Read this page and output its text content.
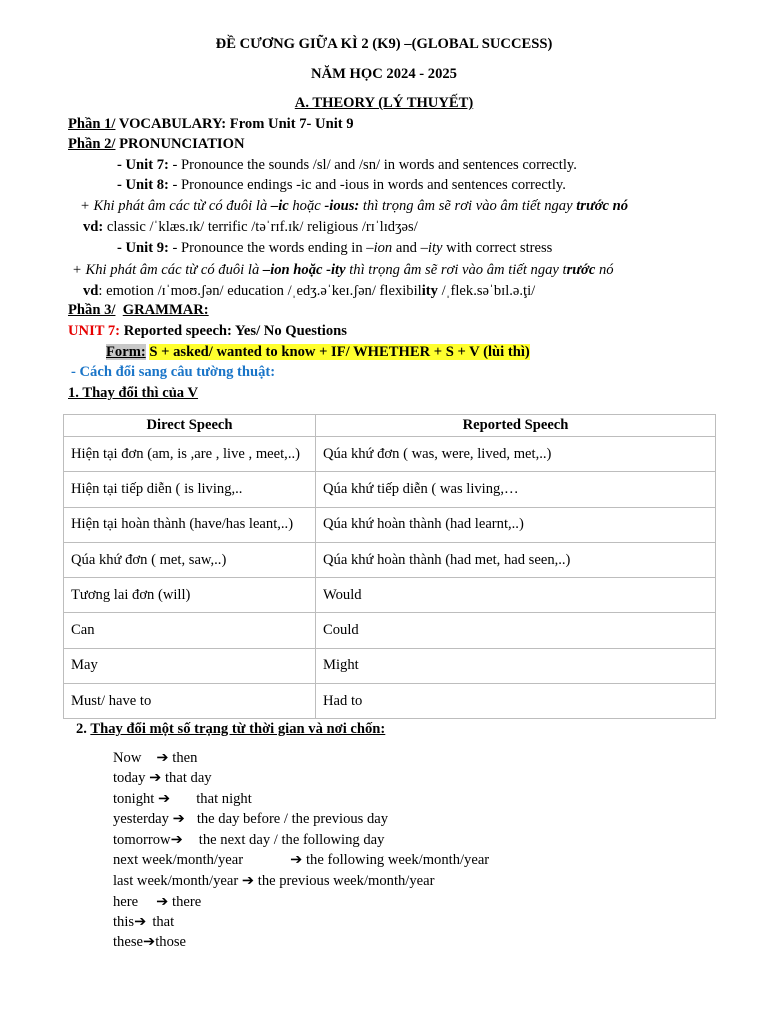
ĐỀ CƯƠNG GIỮA KÌ 2 (K9) –(GLOBAL SUCCESS)
NĂM HỌC 2024 - 2025
A. THEORY (LÝ THUYẾT)
Phần 1/ VOCABULARY: From Unit 7- Unit 9
Phần 2/ PRONUNCIATION
- Unit 7: - Pronounce the sounds /sl/ and /sn/ in words and sentences correctly.
- Unit 8: - Pronounce endings -ic and -ious in words and sentences correctly.
+ Khi phát âm các từ có đuôi là –ic hoặc -ious: thì trọng âm sẽ rơi vào âm tiết ngay trước nó
vd: classic /ˈklæs.ɪk/ terrific /təˈrɪf.ɪk/ religious /rɪˈlɪdʒəs/
- Unit 9: - Pronounce the words ending in –ion and –ity with correct stress
+ Khi phát âm các từ có đuôi là –ion hoặc -ity thì trọng âm sẽ rơi vào âm tiết ngay trước nó
vd: emotion /ɪˈmoʊ.ʃən/ education /ˌedʒ.əˈkeɪ.ʃən/ flexibility /ˌflek.səˈbɪl.ə.ţi/
Phần 3/ GRAMMAR:
UNIT 7: Reported speech: Yes/ No Questions
Form: S + asked/ wanted to know + IF/ WHETHER + S + V (lùi thì)
- Cách đổi sang câu tường thuật:
1. Thay đổi thì của V
Direct Speech	Reported Speech
Hiện tại đơn (am, is ,are , live , meet,..)	Qúa khứ đơn ( was, were, lived, met,..)
Hiện tại tiếp diễn ( is living,..	Qúa khứ tiếp diễn ( was living,…
Hiện tại hoàn thành (have/has leant,..)	Qúa khứ hoàn thành (had learnt,..)
Qúa khứ đơn ( met, saw,..)	Qúa khứ hoàn thành (had met, had seen,..)
Tương lai đơn (will)	Would
Can	Could
May	Might
Must/ have to	Had to
2. Thay đổi một số trạng từ thời gian và nơi chốn:
Now ➔ then
today ➔ that day
tonight ➔ that night
yesterday ➔ the day before / the previous day
tomorrow➔ the next day / the following day
next week/month/year	➔ the following week/month/year
last week/month/year ➔ the previous week/month/year
here ➔ there
this➔ that
these➔those
